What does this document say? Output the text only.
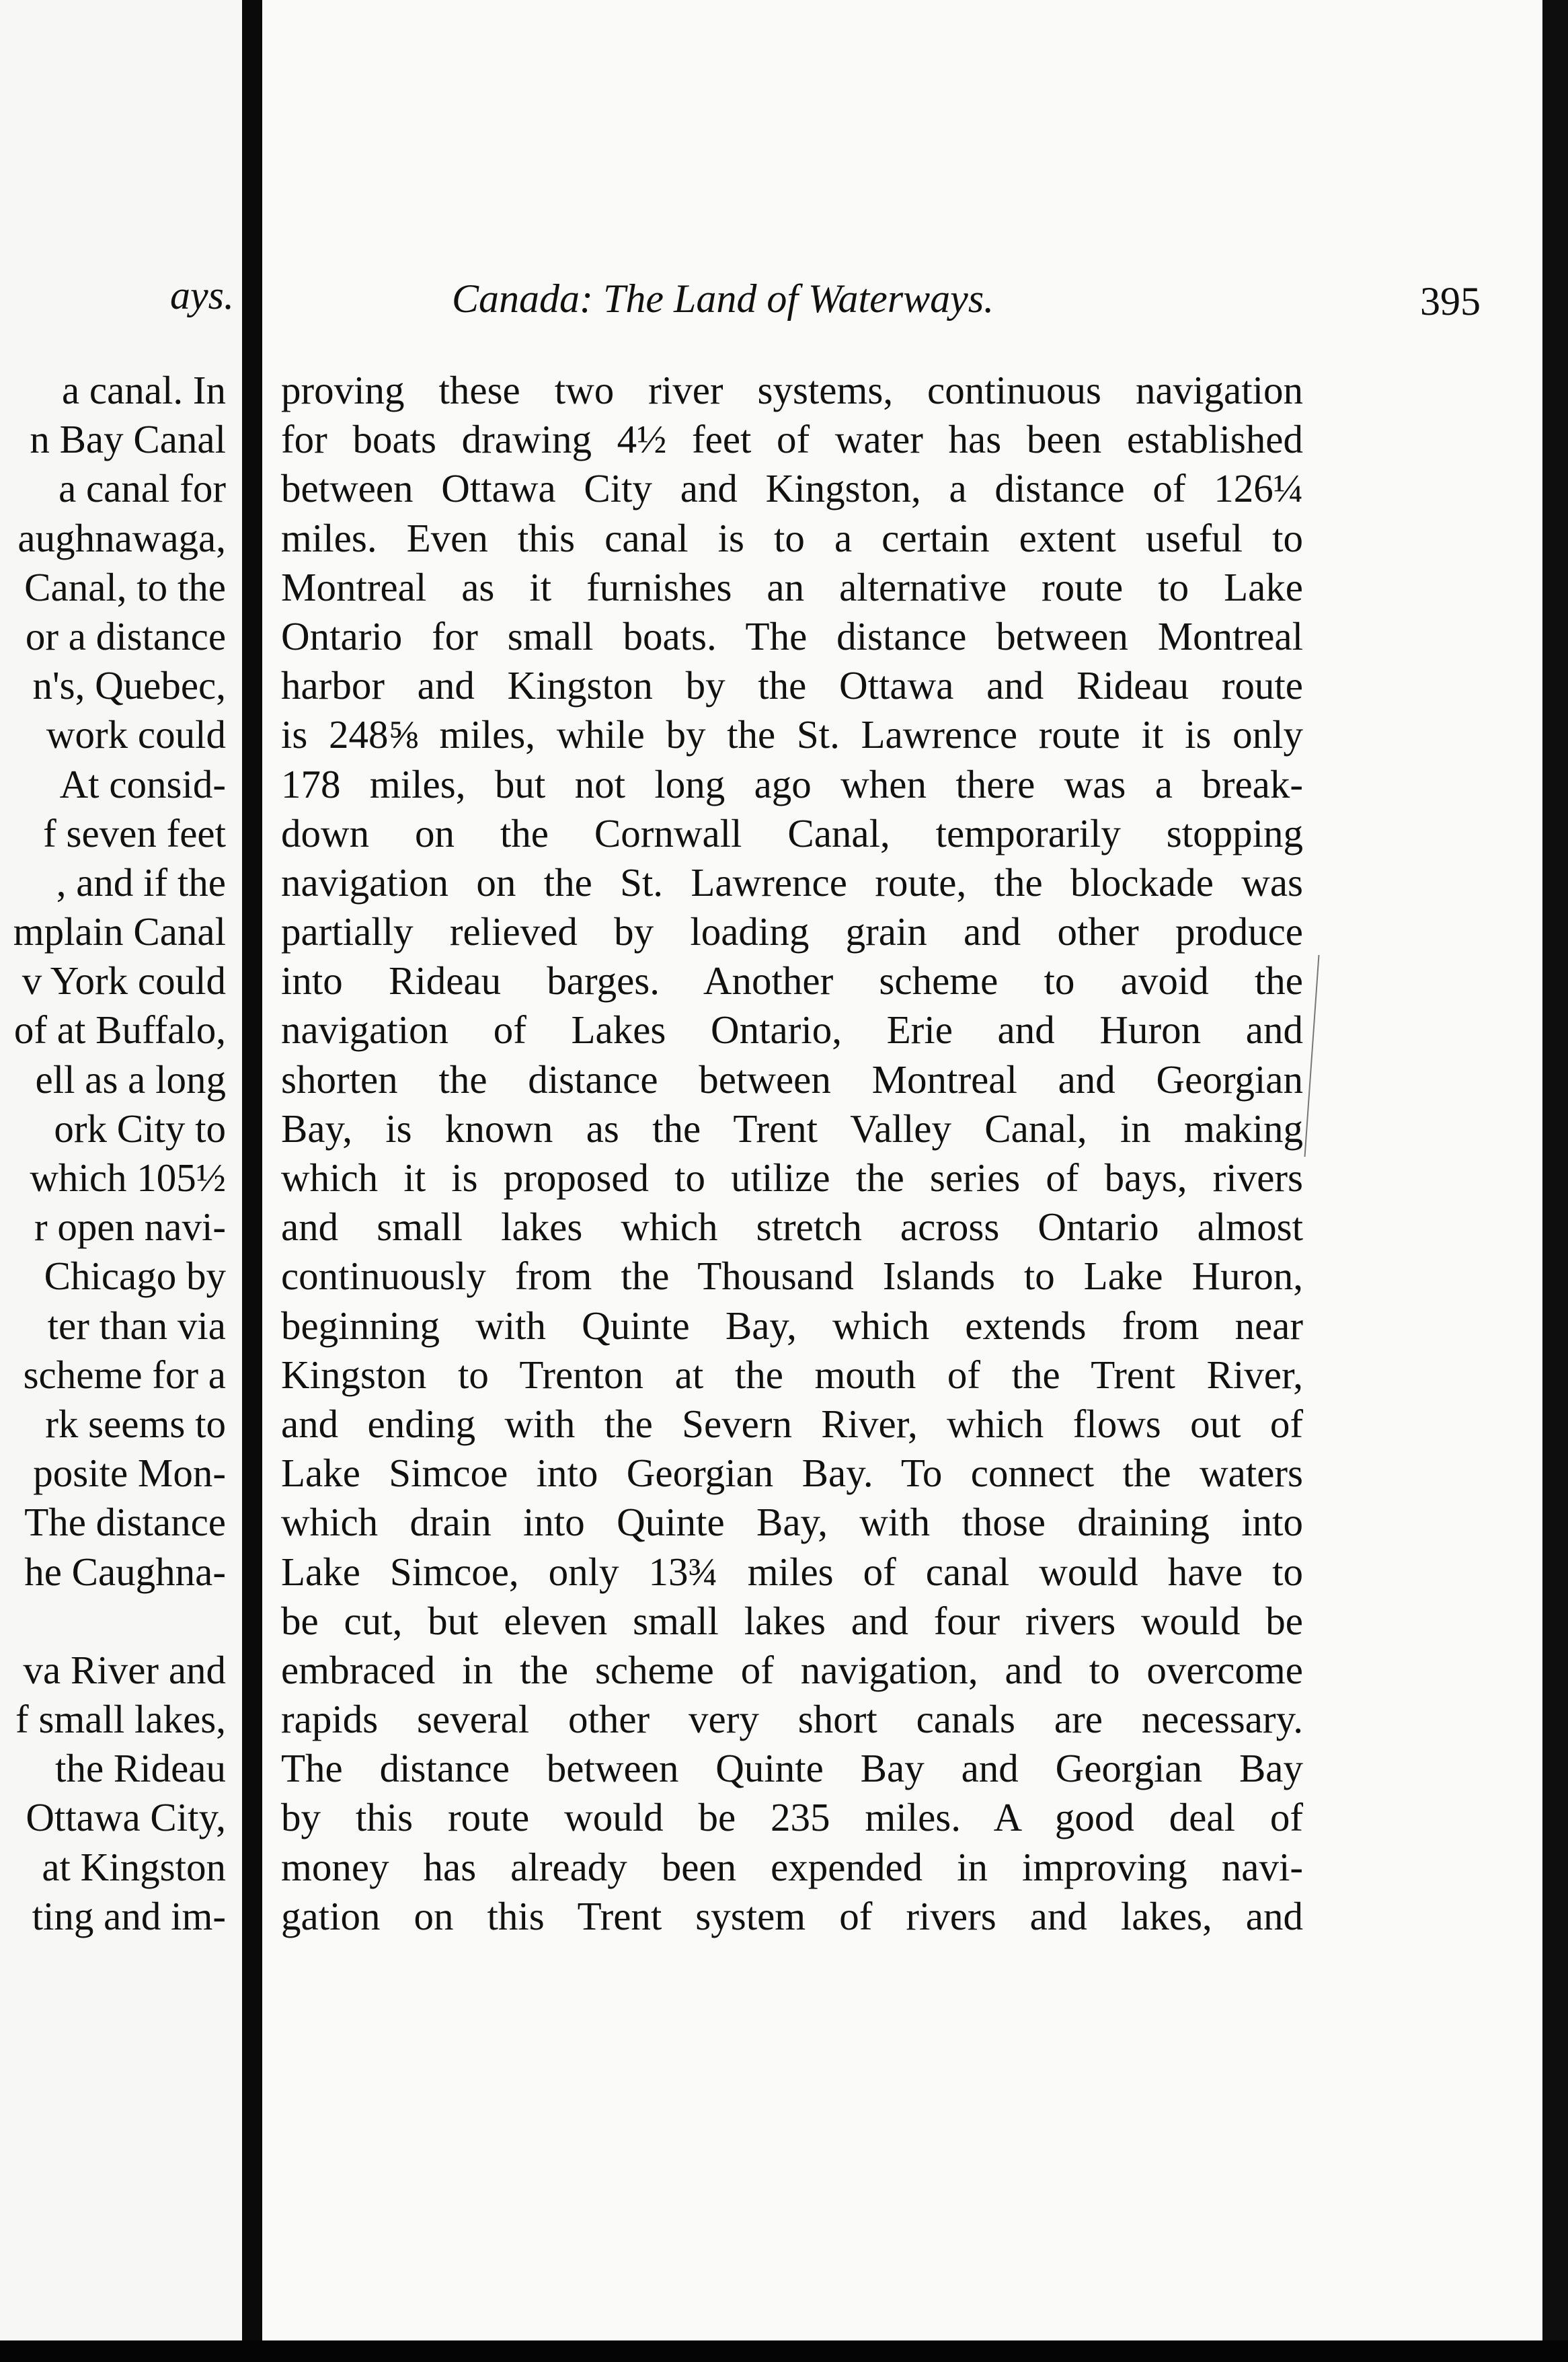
ays.
a canal. In
n Bay Canal
a canal for
aughnawaga,
Canal, to the
or a distance
n's, Quebec,
work could
At consid-
f seven feet
, and if the
mplain Canal
v York could
of at Buffalo,
ell as a long
ork City to
which 105½
r open navi-
Chicago by
ter than via
scheme for a
rk seems to
posite Mon-
The distance
he Caughna-
va River and
f small lakes,
the Rideau
Ottawa City,
at Kingston
ting and im-
Canada: The Land of Waterways.	395
proving these two river systems, continuous navigation
for boats drawing 4½ feet of water has been established
between Ottawa City and Kingston, a distance of 126¼
miles. Even this canal is to a certain extent useful to
Montreal as it furnishes an alternative route to Lake
Ontario for small boats. The distance between Montreal
harbor and Kingston by the Ottawa and Rideau route
is 248⅝ miles, while by the St. Lawrence route it is only
178 miles, but not long ago when there was a break-
down on the Cornwall Canal, temporarily stopping
navigation on the St. Lawrence route, the blockade was
partially relieved by loading grain and other produce
into Rideau barges. Another scheme to avoid the
navigation of Lakes Ontario, Erie and Huron and
shorten the distance between Montreal and Georgian
Bay, is known as the Trent Valley Canal, in making
which it is proposed to utilize the series of bays, rivers
and small lakes which stretch across Ontario almost
continuously from the Thousand Islands to Lake Huron,
beginning with Quinte Bay, which extends from near
Kingston to Trenton at the mouth of the Trent River,
and ending with the Severn River, which flows out of
Lake Simcoe into Georgian Bay. To connect the waters
which drain into Quinte Bay, with those draining into
Lake Simcoe, only 13¾ miles of canal would have to
be cut, but eleven small lakes and four rivers would be
embraced in the scheme of navigation, and to overcome
rapids several other very short canals are necessary.
The distance between Quinte Bay and Georgian Bay
by this route would be 235 miles. A good deal of
money has already been expended in improving navi-
gation on this Trent system of rivers and lakes, and
